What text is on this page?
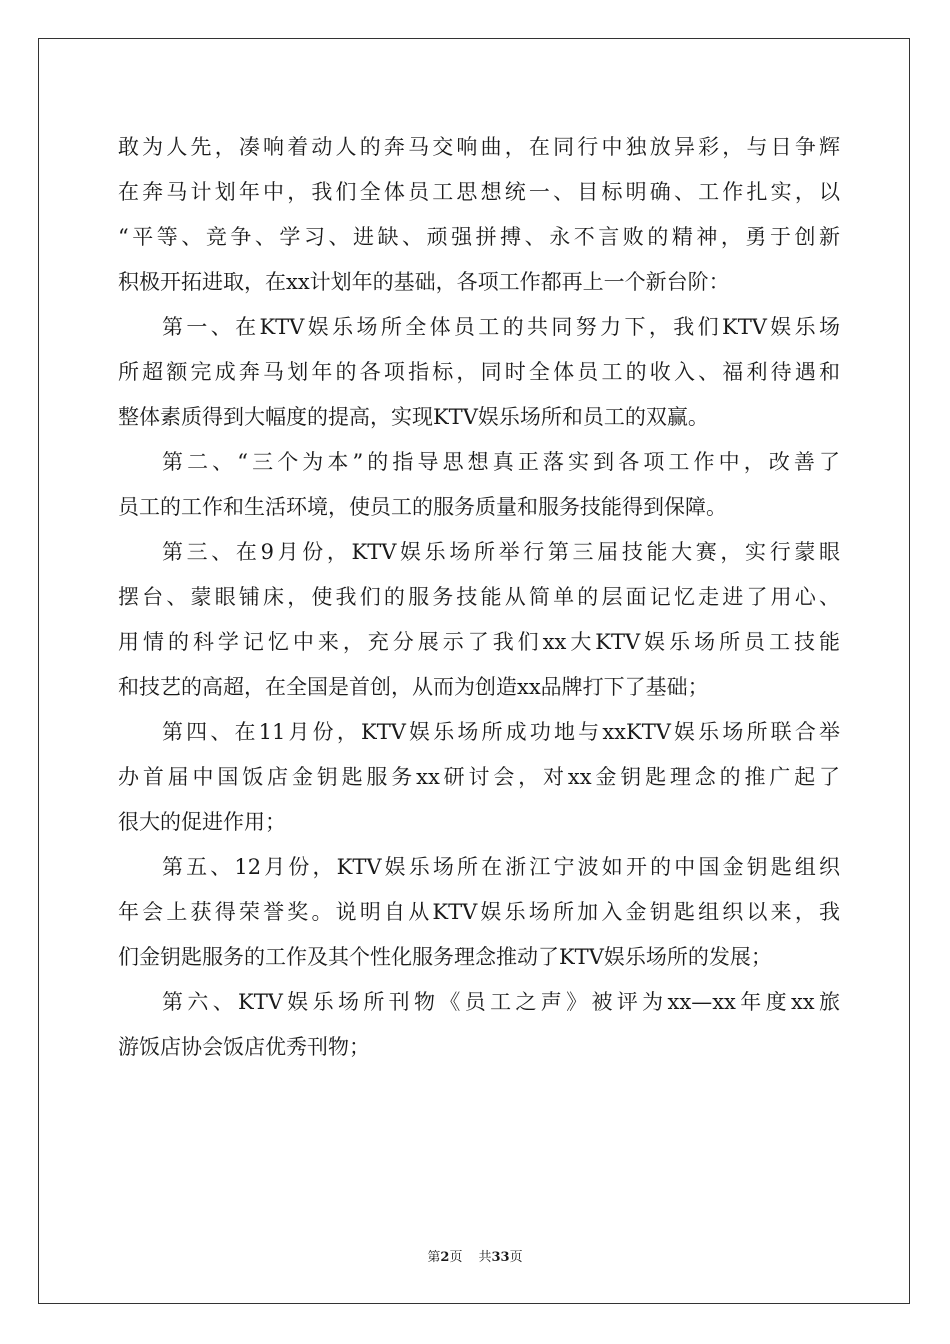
敢为人先，凑响着动人的奔马交响曲，在同行中独放异彩，与日争辉
在奔马计划年中，我们全体员工思想统一、目标明确、工作扎实，以
“平等、竞争、学习、进缺、顽强拼搏、永不言败的精神，勇于创新
积极开拓进取，在xx计划年的基础，各项工作都再上一个新台阶：
第一、在KTV娱乐场所全体员工的共同努力下，我们KTV娱乐场
所超额完成奔马划年的各项指标，同时全体员工的收入、福利待遇和
整体素质得到大幅度的提高，实现KTV娱乐场所和员工的双赢。
第二、“三个为本”的指导思想真正落实到各项工作中，改善了
员工的工作和生活环境，使员工的服务质量和服务技能得到保障。
第三、在9月份，KTV娱乐场所举行第三届技能大赛，实行蒙眼
摆台、蒙眼铺床，使我们的服务技能从简单的层面记忆走进了用心、
用情的科学记忆中来，充分展示了我们xx大KTV娱乐场所员工技能
和技艺的高超，在全国是首创，从而为创造xx品牌打下了基础；
第四、在11月份，KTV娱乐场所成功地与xxKTV娱乐场所联合举
办首届中国饭店金钥匙服务xx研讨会，对xx金钥匙理念的推广起了
很大的促进作用；
第五、12月份，KTV娱乐场所在浙江宁波如开的中国金钥匙组织
年会上获得荣誉奖。说明自从KTV娱乐场所加入金钥匙组织以来，我
们金钥匙服务的工作及其个性化服务理念推动了KTV娱乐场所的发展；
第六、KTV娱乐场所刊物《员工之声》被评为xx—xx年度xx旅
游饭店协会饭店优秀刊物；
第2页 共33页
